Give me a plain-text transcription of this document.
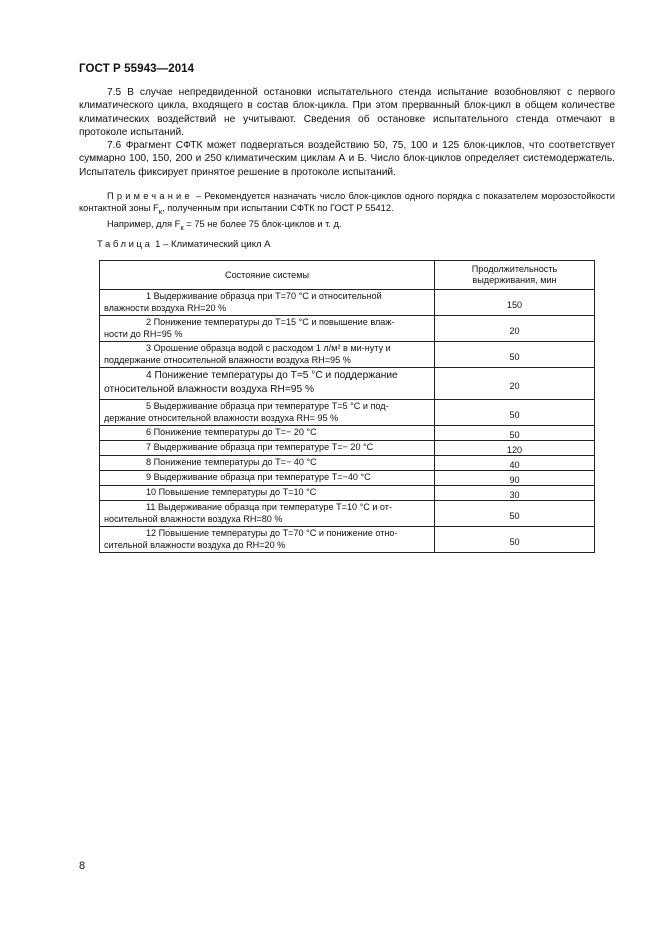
ГОСТ Р 55943—2014

7.5 В случае непредвиденной остановки испытательного стенда испытание возобновляют с первого климатического цикла, входящего в состав блок-цикла. При этом прерванный блок-цикл в общем количестве климатических воздействий не учитывают. Сведения об остановке испытательного стенда отмечают в протоколе испытаний.

7.6 Фрагмент СФТК может подвергаться воздействию 50, 75, 100 и 125 блок-циклов, что соответствует суммарно 100, 150, 200 и 250 климатическим циклам А и Б. Число блок-циклов определяет системодержатель. Испытатель фиксирует принятое решение в протоколе испытаний.

Примечание – Рекомендуется назначать число блок-циклов одного порядка с показателем морозостойкости контактной зоны $F_к$, полученным при испытании СФТК по ГОСТ Р 55412.

Например, для $F_к = 75$ не более 75 блок-циклов и т. д.

Таблица 1 – Климатический цикл А
Состояние системы	Продолжительность выдерживания, мин

1 Выдерживание образца при T=70 °C и относительной
влажности воздуха RH=20 %	150

2 Понижение температуры до T=15 °C и повышение влаж-
ности до RH=95 %	20

3 Орошение образца водой с расходом 1 л/м² в ми-нуту и
поддержание относительной влажности воздуха RH=95 %	50

4 Понижение температуры до T=5 °C и поддержание
относительной влажности воздуха RH=95 %	20

5 Выдерживание образца при температуре T=5 °C и под-
держание относительной влажности воздуха RH= 95 %	50

6 Понижение температуры до T=− 20 °C	50

7 Выдерживание образца при температуре T=− 20 °C	120

8 Понижение температуры до T=− 40 °C	40

9 Выдерживание образца при температуре T=−40 °C	90

10 Повышение температуры до T=10 °C	30

11 Выдерживание образца при температуре T=10 °C и от-
носительной влажности воздуха RH=80 %	50

12 Повышение температуры до T=70 °C и понижение отно-
сительной влажности воздуха до RH=20 %	50
8
